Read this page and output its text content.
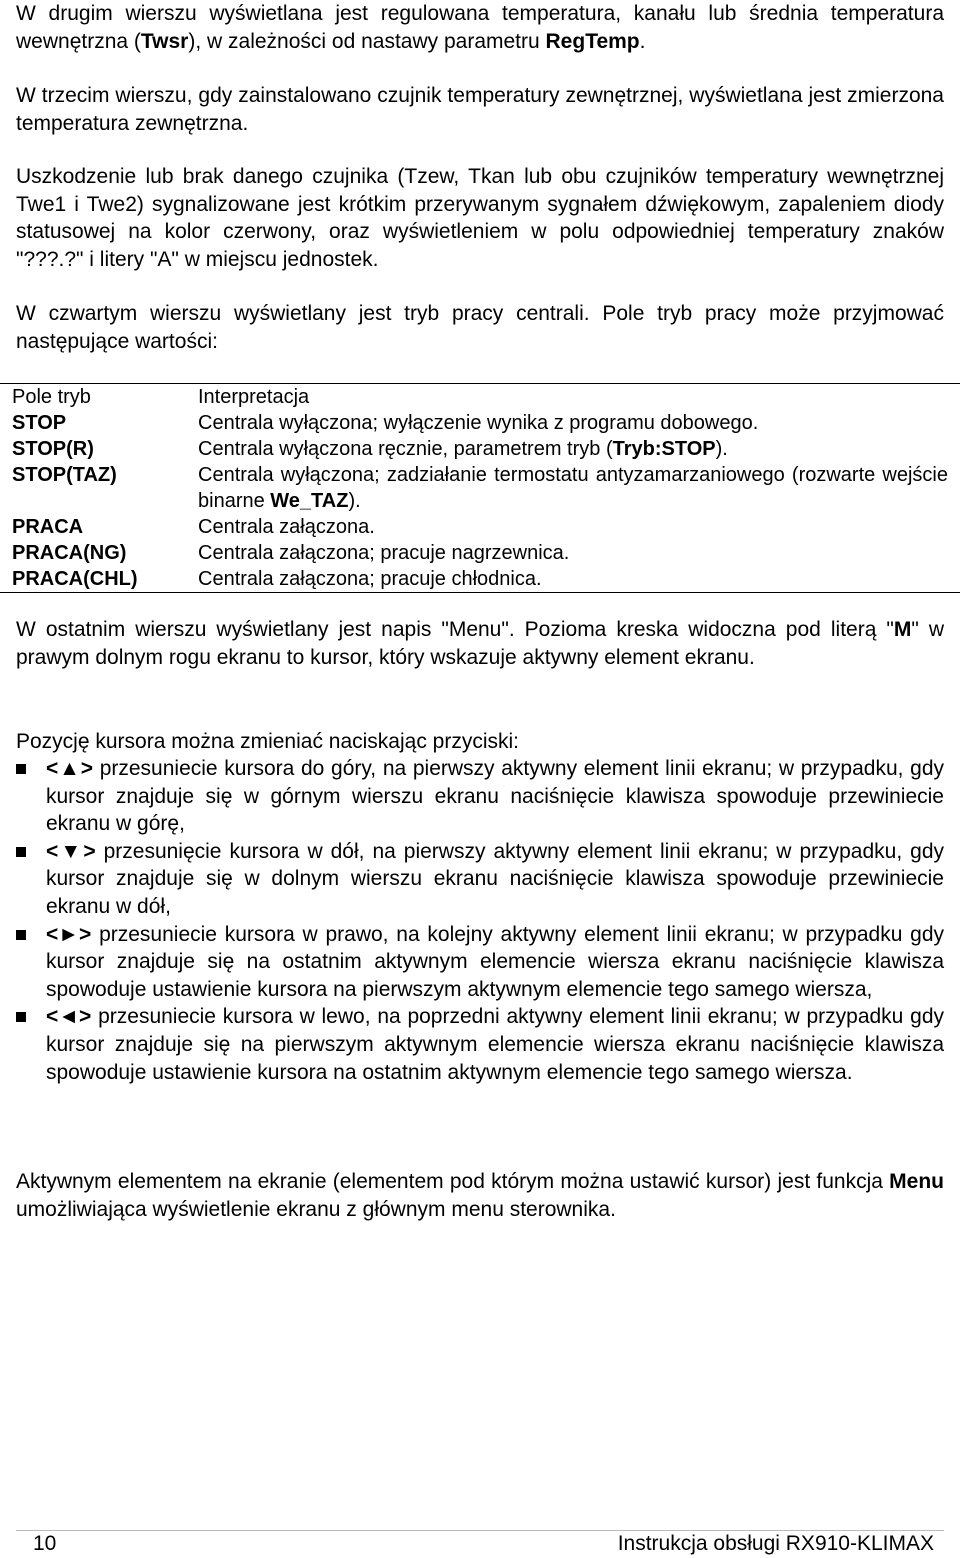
W drugim wierszu wyświetlana jest regulowana temperatura, kanału lub średnia temperatura wewnętrzna (Twsr), w zależności od nastawy parametru RegTemp.

W trzecim wierszu, gdy zainstalowano czujnik temperatury zewnętrznej, wyświetlana jest zmierzona temperatura zewnętrzna.

Uszkodzenie lub brak danego czujnika (Tzew, Tkan lub obu czujników temperatury wewnętrznej Twe1 i Twe2) sygnalizowane jest krótkim przerywanym sygnałem dźwiękowym, zapaleniem diody statusowej na kolor czerwony, oraz wyświetleniem w polu odpowiedniej temperatury znaków "???.?" i litery "A" w miejscu jednostek.

W czwartym wierszu wyświetlany jest tryb pracy centrali. Pole tryb pracy może przyjmować następujące wartości:

Pole tryb	Interpretacja
STOP	Centrala wyłączona; wyłączenie wynika z programu dobowego.
STOP(R)	Centrala wyłączona ręcznie, parametrem tryb (Tryb:STOP).
STOP(TAZ)	Centrala wyłączona; zadziałanie termostatu antyzamarzaniowego (rozwarte wejście binarne We_TAZ).
PRACA	Centrala załączona.
PRACA(NG)	Centrala załączona; pracuje nagrzewnica.
PRACA(CHL)	Centrala załączona; pracuje chłodnica.

W ostatnim wierszu wyświetlany jest napis "Menu". Pozioma kreska widoczna pod literą "M" w prawym dolnym rogu ekranu to kursor, który wskazuje aktywny element ekranu.

Pozycję kursora można zmieniać naciskając przyciski:

<▲> przesuniecie kursora do góry, na pierwszy aktywny element linii ekranu; w przypadku, gdy kursor znajduje się w górnym wierszu ekranu naciśnięcie klawisza spowoduje przewiniecie ekranu w górę,
<▼> przesunięcie kursora w dół, na pierwszy aktywny element linii ekranu; w przypadku, gdy kursor znajduje się w dolnym wierszu ekranu naciśnięcie klawisza spowoduje przewiniecie ekranu w dół,
<►> przesuniecie kursora w prawo, na kolejny aktywny element linii ekranu; w przypadku gdy kursor znajduje się na ostatnim aktywnym elemencie wiersza ekranu naciśnięcie klawisza spowoduje ustawienie kursora na pierwszym aktywnym elemencie tego samego wiersza,
<◄> przesuniecie kursora w lewo, na poprzedni aktywny element linii ekranu; w przypadku gdy kursor znajduje się na pierwszym aktywnym elemencie wiersza ekranu naciśnięcie klawisza spowoduje ustawienie kursora na ostatnim aktywnym elemencie tego samego wiersza.

Aktywnym elementem na ekranie (elementem pod którym można ustawić kursor) jest funkcja Menu umożliwiająca wyświetlenie ekranu z głównym menu sterownika.

10	Instrukcja obsługi RX910-KLIMAX
